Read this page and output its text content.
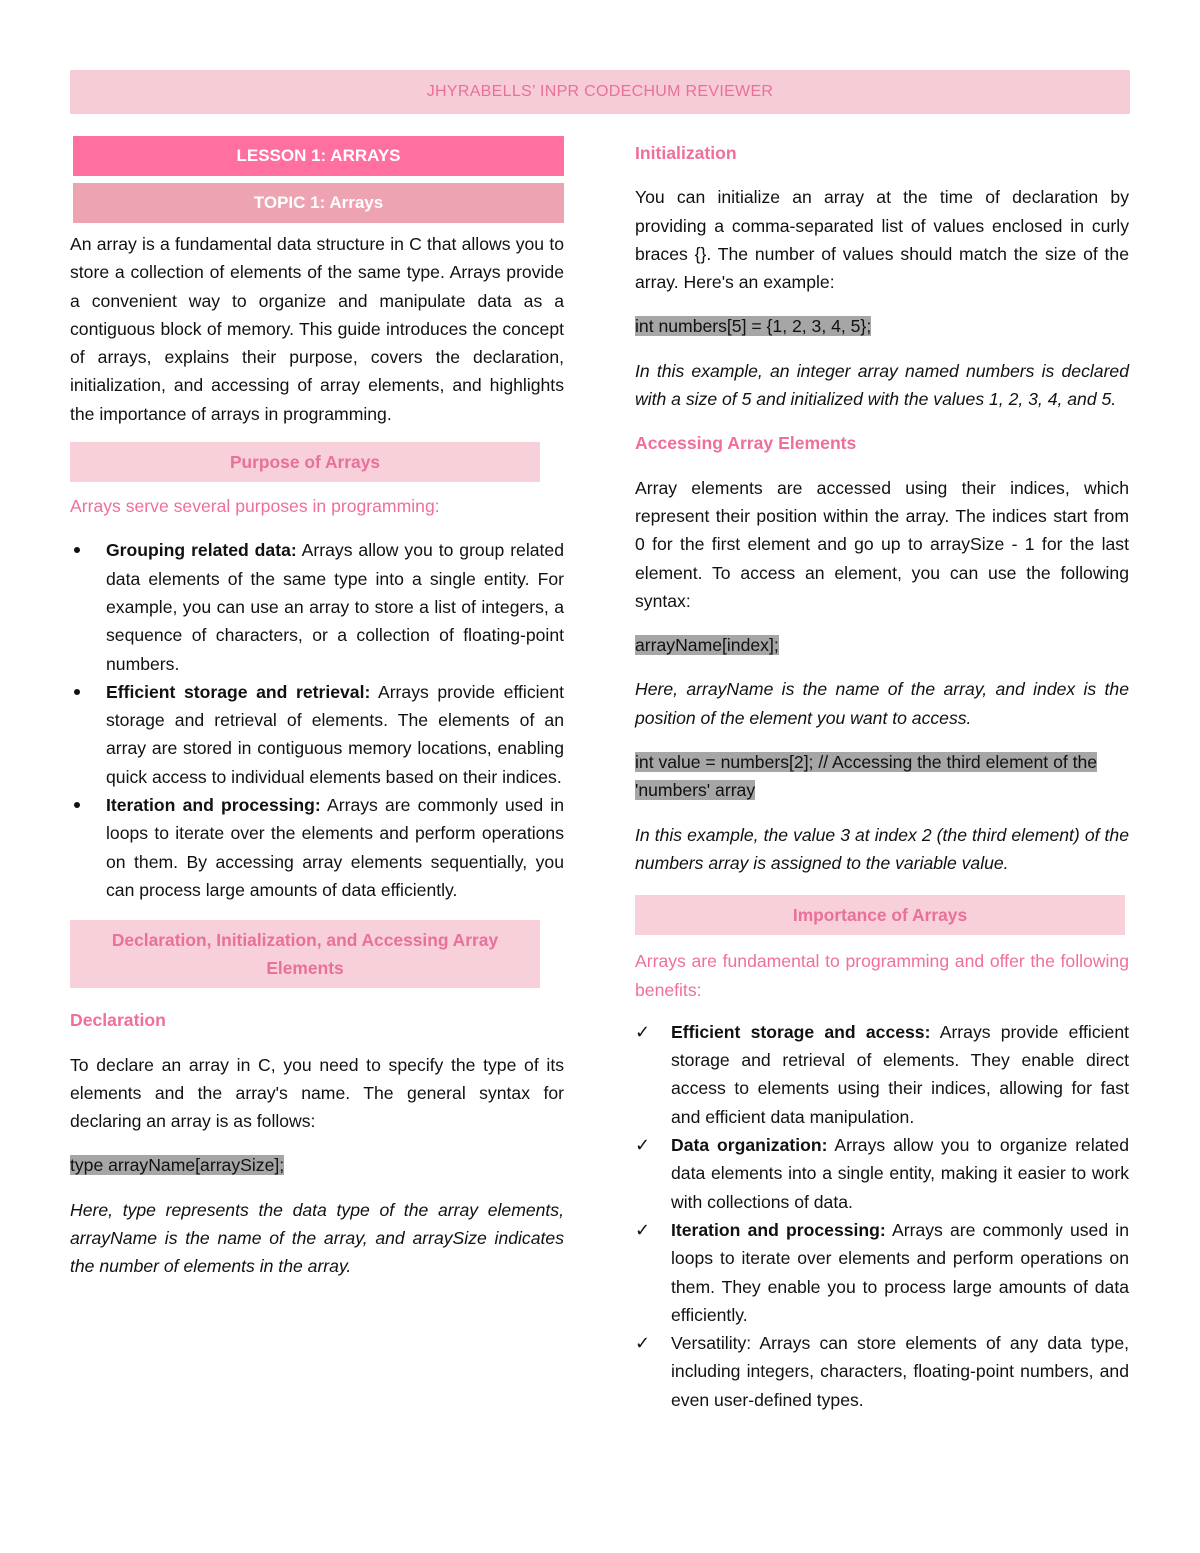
JHYRABELLS’ INPR CODECHUM REVIEWER
LESSON 1: ARRAYS
TOPIC 1: Arrays

An array is a fundamental data structure in C that allows you to store a collection of elements of the same type. Arrays provide a convenient way to organize and manipulate data as a contiguous block of memory. This guide introduces the concept of arrays, explains their purpose, covers the declaration, initialization, and accessing of array elements, and highlights the importance of arrays in programming.

Purpose of Arrays

Arrays serve several purposes in programming:

Grouping related data: Arrays allow you to group related data elements of the same type into a single entity. For example, you can use an array to store a list of integers, a sequence of characters, or a collection of floating-point numbers.
Efficient storage and retrieval: Arrays provide efficient storage and retrieval of elements. The elements of an array are stored in contiguous memory locations, enabling quick access to individual elements based on their indices.
Iteration and processing: Arrays are commonly used in loops to iterate over the elements and perform operations on them. By accessing array elements sequentially, you can process large amounts of data efficiently.
Declaration, Initialization, and Accessing Array Elements

Declaration

To declare an array in C, you need to specify the type of its elements and the array's name. The general syntax for declaring an array is as follows:

type arrayName[arraySize];

Here, type represents the data type of the array elements, arrayName is the name of the array, and arraySize indicates the number of elements in the array.

Initialization

You can initialize an array at the time of declaration by providing a comma-separated list of values enclosed in curly braces {}. The number of values should match the size of the array. Here's an example:

int numbers[5] = {1, 2, 3, 4, 5};

In this example, an integer array named numbers is declared with a size of 5 and initialized with the values 1, 2, 3, 4, and 5.

Accessing Array Elements

Array elements are accessed using their indices, which represent their position within the array. The indices start from 0 for the first element and go up to arraySize - 1 for the last element. To access an element, you can use the following syntax:

arrayName[index];

Here, arrayName is the name of the array, and index is the position of the element you want to access.

int value = numbers[2]; // Accessing the third element of the 'numbers' array

In this example, the value 3 at index 2 (the third element) of the numbers array is assigned to the variable value.

Importance of Arrays

Arrays are fundamental to programming and offer the following benefits:

✓ Efficient storage and access: Arrays provide efficient storage and retrieval of elements. They enable direct access to elements using their indices, allowing for fast and efficient data manipulation.
✓ Data organization: Arrays allow you to organize related data elements into a single entity, making it easier to work with collections of data.
✓ Iteration and processing: Arrays are commonly used in loops to iterate over elements and perform operations on them. They enable you to process large amounts of data efficiently.
✓ Versatility: Arrays can store elements of any data type, including integers, characters, floating-point numbers, and even user-defined types.
